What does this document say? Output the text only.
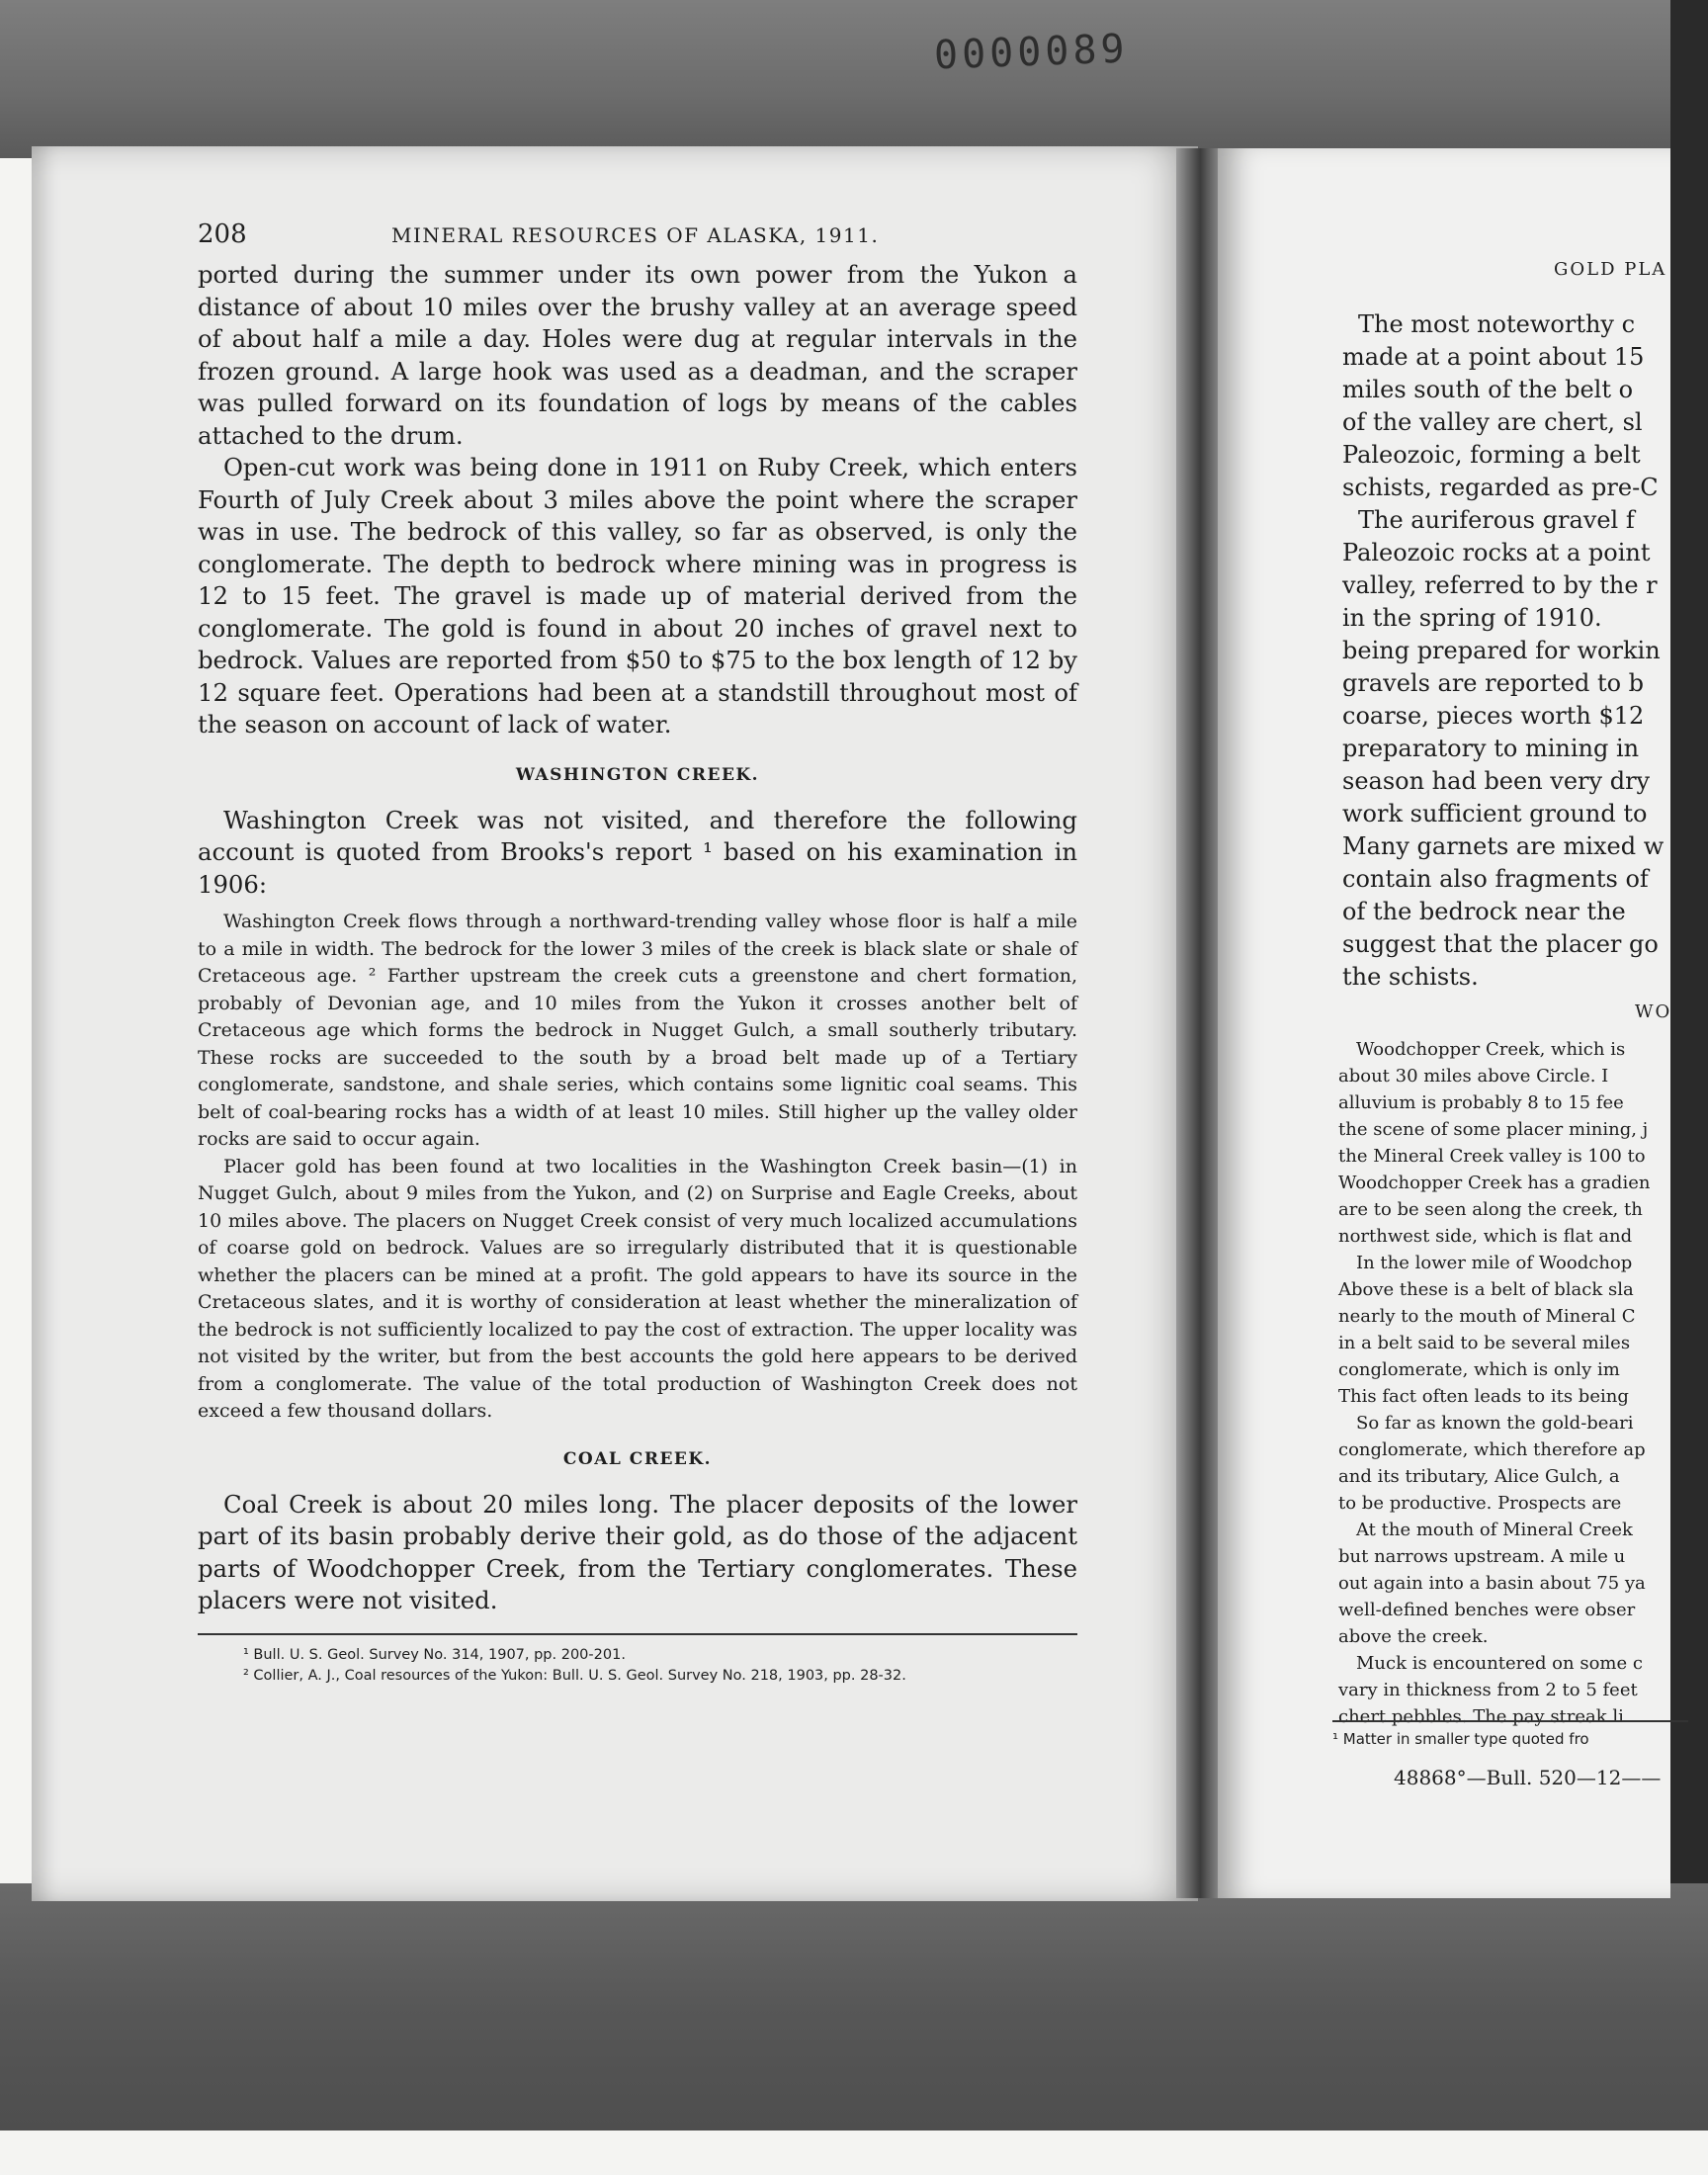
0000089
208	MINERAL RESOURCES OF ALASKA, 1911.

ported during the summer under its own power from the Yukon a distance of about 10 miles over the brushy valley at an average speed of about half a mile a day. Holes were dug at regular intervals in the frozen ground. A large hook was used as a deadman, and the scraper was pulled forward on its foundation of logs by means of the cables attached to the drum.

Open-cut work was being done in 1911 on Ruby Creek, which enters Fourth of July Creek about 3 miles above the point where the scraper was in use. The bedrock of this valley, so far as observed, is only the conglomerate. The depth to bedrock where mining was in progress is 12 to 15 feet. The gravel is made up of material derived from the conglomerate. The gold is found in about 20 inches of gravel next to bedrock. Values are reported from $50 to $75 to the box length of 12 by 12 square feet. Operations had been at a standstill throughout most of the season on account of lack of water.

WASHINGTON CREEK.

Washington Creek was not visited, and therefore the following account is quoted from Brooks's report ¹ based on his examination in 1906:

Washington Creek flows through a northward-trending valley whose floor is half a mile to a mile in width. The bedrock for the lower 3 miles of the creek is black slate or shale of Cretaceous age. ² Farther upstream the creek cuts a greenstone and chert formation, probably of Devonian age, and 10 miles from the Yukon it crosses another belt of Cretaceous age which forms the bedrock in Nugget Gulch, a small southerly tributary. These rocks are succeeded to the south by a broad belt made up of a Tertiary conglomerate, sandstone, and shale series, which contains some lignitic coal seams. This belt of coal-bearing rocks has a width of at least 10 miles. Still higher up the valley older rocks are said to occur again.

Placer gold has been found at two localities in the Washington Creek basin—(1) in Nugget Gulch, about 9 miles from the Yukon, and (2) on Surprise and Eagle Creeks, about 10 miles above. The placers on Nugget Creek consist of very much localized accumulations of coarse gold on bedrock. Values are so irregularly distributed that it is questionable whether the placers can be mined at a profit. The gold appears to have its source in the Cretaceous slates, and it is worthy of consideration at least whether the mineralization of the bedrock is not sufficiently localized to pay the cost of extraction. The upper locality was not visited by the writer, but from the best accounts the gold here appears to be derived from a conglomerate. The value of the total production of Washington Creek does not exceed a few thousand dollars.

COAL CREEK.

Coal Creek is about 20 miles long. The placer deposits of the lower part of its basin probably derive their gold, as do those of the adjacent parts of Woodchopper Creek, from the Tertiary conglomerates. These placers were not visited.

¹ Bull. U. S. Geol. Survey No. 314, 1907, pp. 200-201.

² Collier, A. J., Coal resources of the Yukon: Bull. U. S. Geol. Survey No. 218, 1903, pp. 28-32.

GOLD PLA
The most noteworthy c
made at a point about 15
miles south of the belt o
of the valley are chert, sl
Paleozoic, forming a belt
schists, regarded as pre-C
The auriferous gravel f
Paleozoic rocks at a point
valley, referred to by the r
in the spring of 1910.
being prepared for workin
gravels are reported to b
coarse, pieces worth $12
preparatory to mining in
season had been very dry
work sufficient ground to
Many garnets are mixed w
contain also fragments of
of the bedrock near the
suggest that the placer go
the schists.
WO
Woodchopper Creek, which is
about 30 miles above Circle. I
alluvium is probably 8 to 15 fee
the scene of some placer mining, j
the Mineral Creek valley is 100 to
Woodchopper Creek has a gradien
are to be seen along the creek, th
northwest side, which is flat and
In the lower mile of Woodchop
Above these is a belt of black sla
nearly to the mouth of Mineral C
in a belt said to be several miles
conglomerate, which is only im
This fact often leads to its being
So far as known the gold-beari
conglomerate, which therefore ap
and its tributary, Alice Gulch, a
to be productive. Prospects are
At the mouth of Mineral Creek
but narrows upstream. A mile u
out again into a basin about 75 ya
well-defined benches were obser
above the creek.
Muck is encountered on some c
vary in thickness from 2 to 5 feet
chert pebbles. The pay streak li
¹ Matter in smaller type quoted fro
48868°—Bull. 520—12——
